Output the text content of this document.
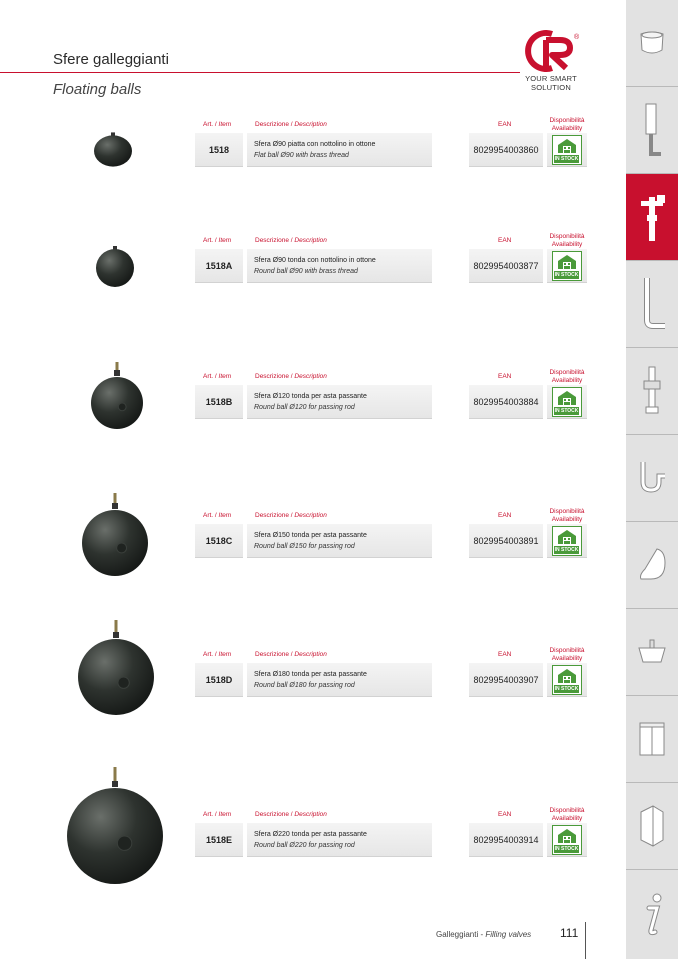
Sfere galleggianti
Floating balls
®
YOUR SMART
SOLUTION
Art. / Item	Descrizione / Description	EAN
Disponibilità
Availability
1518	Sfera Ø90 piatta con nottolino in ottone
Flat ball Ø90 with brass thread
8029954003860
IN STOCK
Art. / Item	Descrizione / Description	EAN
Disponibilità
Availability
1518A	Sfera Ø90 tonda con nottolino in ottone
Round ball Ø90 with brass thread
8029954003877
IN STOCK
Art. / Item	Descrizione / Description	EAN
Disponibilità
Availability
1518B	Sfera Ø120 tonda per asta passante
Round ball Ø120 for passing rod
8029954003884
IN STOCK
Art. / Item	Descrizione / Description	EAN
Disponibilità
Availability
1518C	Sfera Ø150 tonda per asta passante
Round ball Ø150 for passing rod
8029954003891
IN STOCK
Art. / Item	Descrizione / Description	EAN
Disponibilità
Availability
1518D	Sfera Ø180 tonda per asta passante
Round ball Ø180 for passing rod
8029954003907
IN STOCK
Art. / Item	Descrizione / Description	EAN
Disponibilità
Availability
1518E	Sfera Ø220 tonda per asta passante
Round ball Ø220 for passing rod
8029954003914
IN STOCK
Galleggianti - Filling valves 111
